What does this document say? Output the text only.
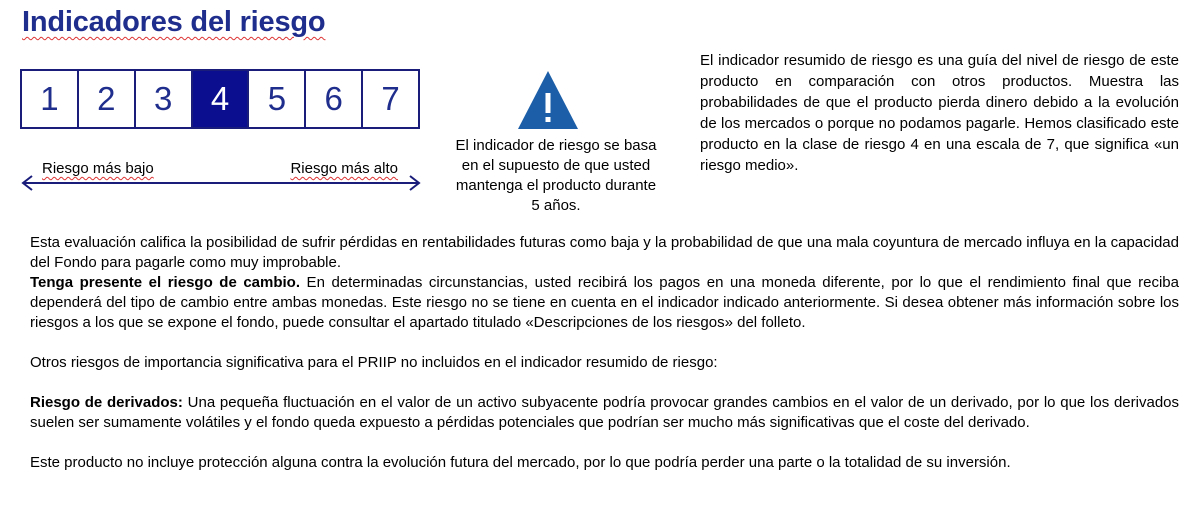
Indicadores del riesgo
1	2	3	4	5	6	7
Riesgo más bajo	Riesgo más alto
El indicador de riesgo se basa en el supuesto de que usted mantenga el producto durante 5 años.
El indicador resumido de riesgo es una guía del nivel de riesgo de este producto en comparación con otros productos. Muestra las probabilidades de que el producto pierda dinero debido a la evolución de los mercados o porque no podamos pagarle. Hemos clasificado este producto en la clase de riesgo 4 en una escala de 7, que significa «un riesgo medio».

Esta evaluación califica la posibilidad de sufrir pérdidas en rentabilidades futuras como baja y la probabilidad de que una mala coyuntura de mercado influya en la capacidad del Fondo para pagarle como muy improbable.

Tenga presente el riesgo de cambio. En determinadas circunstancias, usted recibirá los pagos en una moneda diferente, por lo que el rendimiento final que reciba dependerá del tipo de cambio entre ambas monedas. Este riesgo no se tiene en cuenta en el indicador indicado anteriormente. Si desea obtener más información sobre los riesgos a los que se expone el fondo, puede consultar el apartado titulado «Descripciones de los riesgos» del folleto.

Otros riesgos de importancia significativa para el PRIIP no incluidos en el indicador resumido de riesgo:

Riesgo de derivados: Una pequeña fluctuación en el valor de un activo subyacente podría provocar grandes cambios en el valor de un derivado, por lo que los derivados suelen ser sumamente volátiles y el fondo queda expuesto a pérdidas potenciales que podrían ser mucho más significativas que el coste del derivado.

Este producto no incluye protección alguna contra la evolución futura del mercado, por lo que podría perder una parte o la totalidad de su inversión.
